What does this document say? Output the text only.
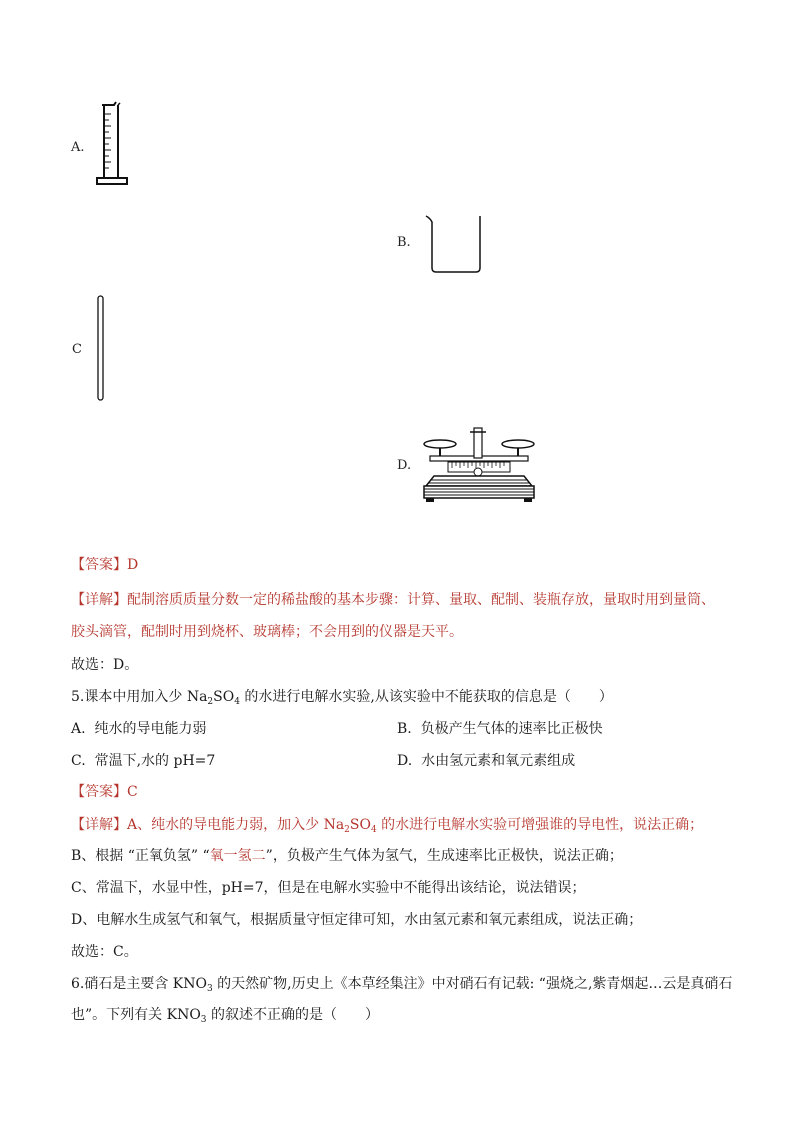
A.
B.
C
D.
【答案】D
【详解】配制溶质质量分数一定的稀盐酸的基本步骤：计算、量取、配制、装瓶存放，量取时用到量筒、
胶头滴管，配制时用到烧杯、玻璃棒；不会用到的仪器是天平。
故选：D。
5.课本中用加入少 $Na_2SO_4$ 的水进行电解水实验,从该实验中不能获取的信息是（　　）
A. 纯水的导电能力弱	B. 负极产生气体的速率比正极快
C. 常温下,水的 pH=7	D. 水由氢元素和氧元素组成
【答案】C
【详解】A、纯水的导电能力弱，加入少 $Na_2SO_4$ 的水进行电解水实验可增强谁的导电性，说法正确；
B、根据 “正氧负氢” “氧一氢二”，负极产生气体为氢气，生成速率比正极快，说法正确；
C、常温下，水显中性，pH=7，但是在电解水实验中不能得出该结论，说法错误；
D、电解水生成氢气和氧气，根据质量守恒定律可知，水由氢元素和氧元素组成，说法正确；
故选：C。
6.硝石是主要含 $KNO_3$ 的天然矿物,历史上《本草经集注》中对硝石有记载: “强烧之,紫青烟起…云是真硝石
也”。下列有关 $KNO_3$ 的叙述不正确的是（　　）
